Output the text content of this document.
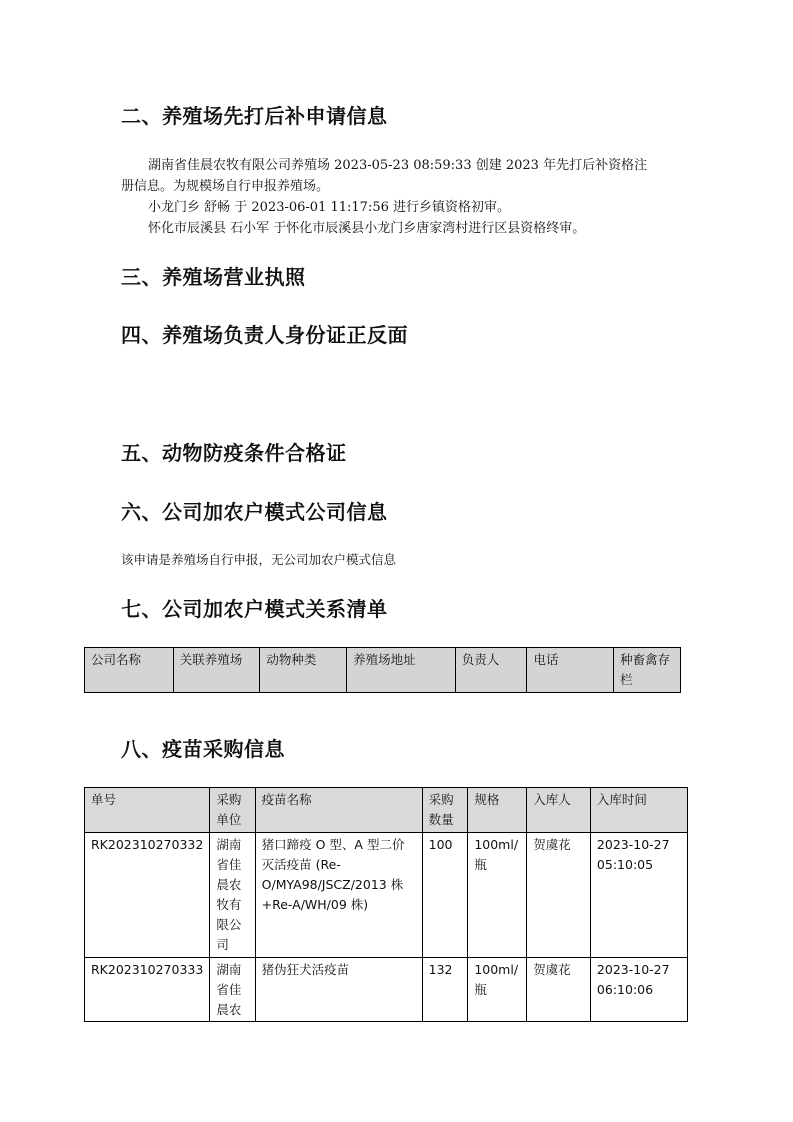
二、养殖场先打后补申请信息

湖南省佳晨农牧有限公司养殖场 2023-05-23 08:59:33 创建 2023 年先打后补资格注

册信息。为规模场自行申报养殖场。

小龙门乡 舒畅 于 2023-06-01 11:17:56 进行乡镇资格初审。

怀化市辰溪县 石小军 于怀化市辰溪县小龙门乡唐家湾村进行区县资格终审。

三、养殖场营业执照
四、养殖场负责人身份证正反面
五、动物防疫条件合格证
六、公司加农户模式公司信息

该申请是养殖场自行申报，无公司加农户模式信息

七、公司加农户模式关系清单
公司名称	关联养殖场	动物种类	养殖场地址	负责人	电话	种畜禽存栏
八、疫苗采购信息
单号	采购单位	疫苗名称	采购数量	规格	入库人	入库时间
RK202310270332	湖南省佳晨农牧有限公司	猪口蹄疫 O 型、A 型二价灭活疫苗 (Re-O/MYA98/JSCZ/2013 株+Re-A/WH/09 株)	100	100ml/瓶	贺虞花	2023-10-27 05:10:05
RK202310270333	湖南省佳晨农	猪伪狂犬活疫苗	132	100ml/瓶	贺虞花	2023-10-27 06:10:06
